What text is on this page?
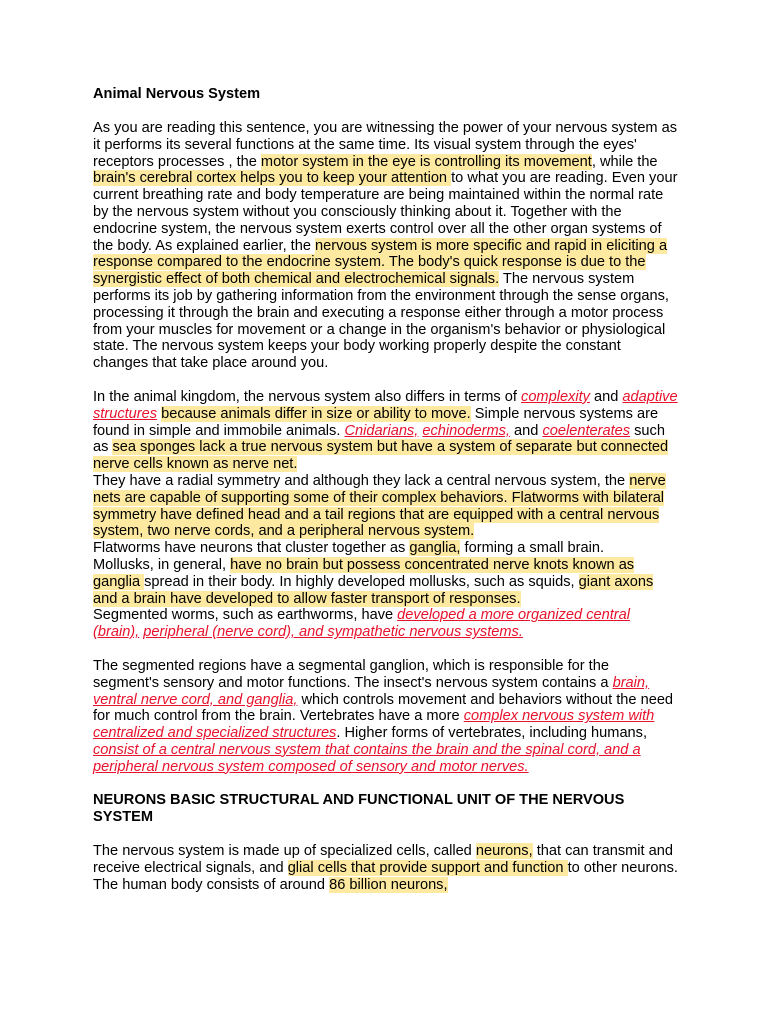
Animal Nervous System

As you are reading this sentence, you are witnessing the power of your nervous system as it performs its several functions at the same time. Its visual system through the eyes' receptors processes , the motor system in the eye is controlling its movement, while the brain's cerebral cortex helps you to keep your attention to what you are reading. Even your current breathing rate and body temperature are being maintained within the normal rate by the nervous system without you consciously thinking about it. Together with the endocrine system, the nervous system exerts control over all the other organ systems of the body. As explained earlier, the nervous system is more specific and rapid in eliciting a response compared to the endocrine system. The body's quick response is due to the synergistic effect of both chemical and electrochemical signals. The nervous system performs its job by gathering information from the environment through the sense organs, processing it through the brain and executing a response either through a motor process from your muscles for movement or a change in the organism's behavior or physiological state. The nervous system keeps your body working properly despite the constant changes that take place around you.

In the animal kingdom, the nervous system also differs in terms of complexity and adaptive structures because animals differ in size or ability to move. Simple nervous systems are found in simple and immobile animals. Cnidarians, echinoderms, and coelenterates such as sea sponges lack a true nervous system but have a system of separate but connected nerve cells known as nerve net.
They have a radial symmetry and although they lack a central nervous system, the nerve nets are capable of supporting some of their complex behaviors. Flatworms with bilateral symmetry have defined head and a tail regions that are equipped with a central nervous system, two nerve cords, and a peripheral nervous system.
Flatworms have neurons that cluster together as ganglia, forming a small brain.
Mollusks, in general, have no brain but possess concentrated nerve knots known as ganglia spread in their body. In highly developed mollusks, such as squids, giant axons and a brain have developed to allow faster transport of responses.
Segmented worms, such as earthworms, have developed a more organized central (brain), peripheral (nerve cord), and sympathetic nervous systems.

The segmented regions have a segmental ganglion, which is responsible for the segment's sensory and motor functions. The insect's nervous system contains a brain, ventral nerve cord, and ganglia, which controls movement and behaviors without the need for much control from the brain. Vertebrates have a more complex nervous system with centralized and specialized structures. Higher forms of vertebrates, including humans, consist of a central nervous system that contains the brain and the spinal cord, and a peripheral nervous system composed of sensory and motor nerves.

NEURONS BASIC STRUCTURAL AND FUNCTIONAL UNIT OF THE NERVOUS SYSTEM

The nervous system is made up of specialized cells, called neurons, that can transmit and receive electrical signals, and glial cells that provide support and function to other neurons. The human body consists of around 86 billion neurons,
